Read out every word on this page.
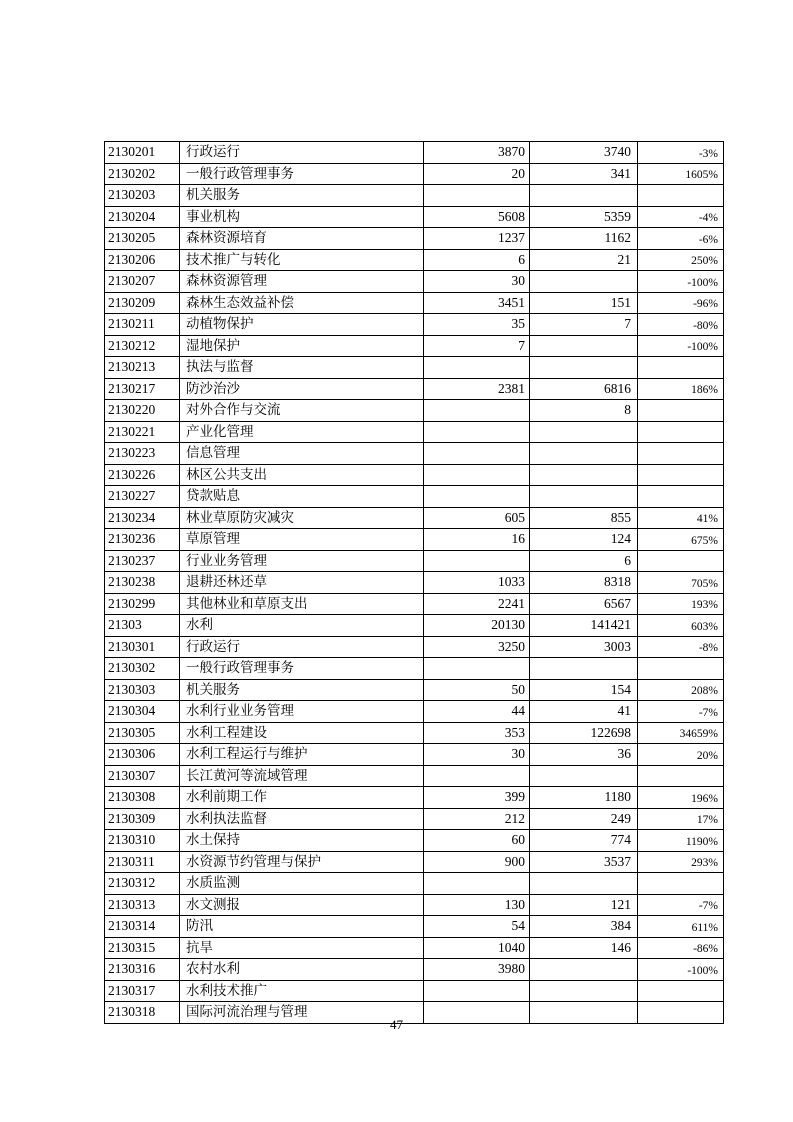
2130201	行政运行	3870	3740	-3%
2130202	一般行政管理事务	20	341	1605%
2130203	机关服务			
2130204	事业机构	5608	5359	-4%
2130205	森林资源培育	1237	1162	-6%
2130206	技术推广与转化	6	21	250%
2130207	森林资源管理	30		-100%
2130209	森林生态效益补偿	3451	151	-96%
2130211	动植物保护	35	7	-80%
2130212	湿地保护	7		-100%
2130213	执法与监督			
2130217	防沙治沙	2381	6816	186%
2130220	对外合作与交流		8	
2130221	产业化管理			
2130223	信息管理			
2130226	林区公共支出			
2130227	贷款贴息			
2130234	林业草原防灾减灾	605	855	41%
2130236	草原管理	16	124	675%
2130237	行业业务管理		6	
2130238	退耕还林还草	1033	8318	705%
2130299	其他林业和草原支出	2241	6567	193%
21303	水利	20130	141421	603%
2130301	行政运行	3250	3003	-8%
2130302	一般行政管理事务			
2130303	机关服务	50	154	208%
2130304	水利行业业务管理	44	41	-7%
2130305	水利工程建设	353	122698	34659%
2130306	水利工程运行与维护	30	36	20%
2130307	长江黄河等流域管理			
2130308	水利前期工作	399	1180	196%
2130309	水利执法监督	212	249	17%
2130310	水土保持	60	774	1190%
2130311	水资源节约管理与保护	900	3537	293%
2130312	水质监测			
2130313	水文测报	130	121	-7%
2130314	防汛	54	384	611%
2130315	抗旱	1040	146	-86%
2130316	农村水利	3980		-100%
2130317	水利技术推广			
2130318	国际河流治理与管理			
47
